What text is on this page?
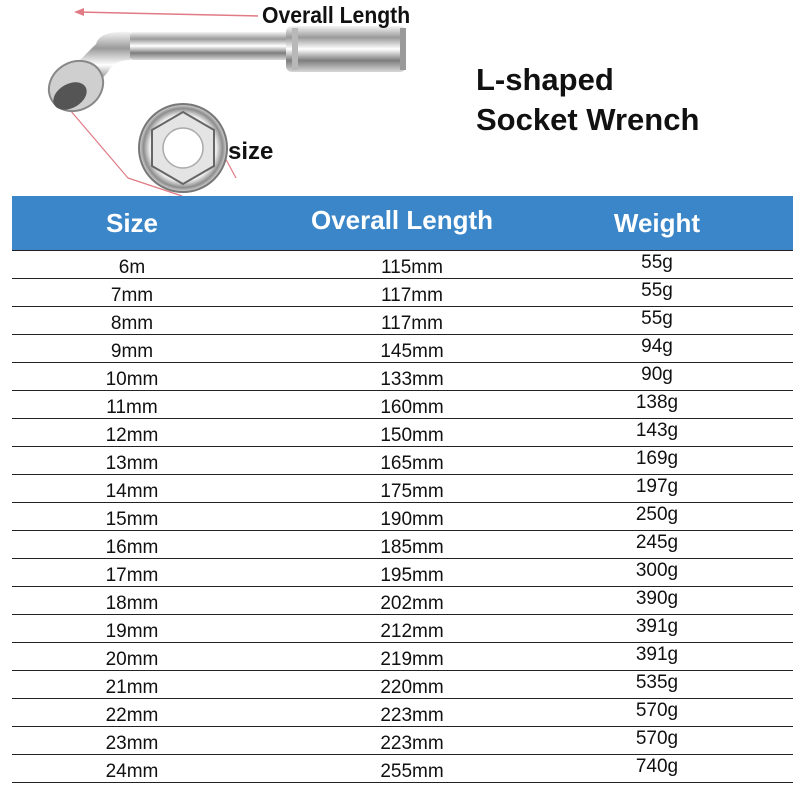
Overall Length
size
L-shaped
Socket Wrench
Size	Overall Length	Weight
6m	115mm	55g
7mm	117mm	55g
8mm	117mm	55g
9mm	145mm	94g
10mm	133mm	90g
11mm	160mm	138g
12mm	150mm	143g
13mm	165mm	169g
14mm	175mm	197g
15mm	190mm	250g
16mm	185mm	245g
17mm	195mm	300g
18mm	202mm	390g
19mm	212mm	391g
20mm	219mm	391g
21mm	220mm	535g
22mm	223mm	570g
23mm	223mm	570g
24mm	255mm	740g
